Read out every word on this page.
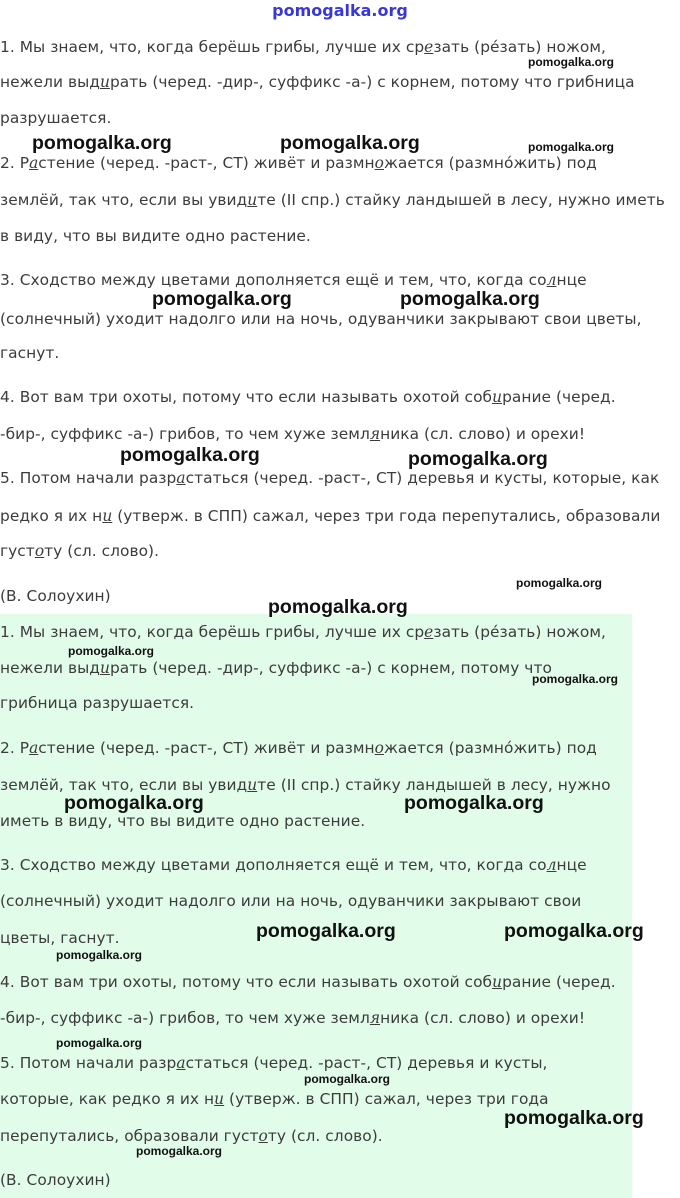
pomogalka.org

1. Мы знаем, что, когда берёшь грибы, лучше их срезать (ре́зать) ножом,

нежели выдирать (черед. -дир-, суффикс -а-) с корнем, потому что грибница

разрушается.

2. Растение (черед. -раст-, СТ) живёт и размножается (размно́жить) под

землёй, так что, если вы увидите (II спр.) стайку ландышей в лесу, нужно иметь

в виду, что вы видите одно растение.

3. Сходство между цветами дополняется ещё и тем, что, когда солнце

(солнечный) уходит надолго или на ночь, одуванчики закрывают свои цветы,

гаснут.

4. Вот вам три охоты, потому что если называть охотой собирание (черед.

-бир-, суффикс -а-) грибов, то чем хуже земляника (сл. слово) и орехи!

5. Потом начали разрастаться (черед. -раст-, СТ) деревья и кусты, которые, как

редко я их ни (утверж. в СПП) сажал, через три года перепутались, образовали

густоту (сл. слово).

(В. Солоухин)

1. Мы знаем, что, когда берёшь грибы, лучше их срезать (ре́зать) ножом,

нежели выдирать (черед. -дир-, суффикс -а-) с корнем, потому что

грибница разрушается.

2. Растение (черед. -раст-, СТ) живёт и размножается (размно́жить) под

землёй, так что, если вы увидите (II спр.) стайку ландышей в лесу, нужно

иметь в виду, что вы видите одно растение.

3. Сходство между цветами дополняется ещё и тем, что, когда солнце

(солнечный) уходит надолго или на ночь, одуванчики закрывают свои

цветы, гаснут.

4. Вот вам три охоты, потому что если называть охотой собирание (черед.

-бир-, суффикс -а-) грибов, то чем хуже земляника (сл. слово) и орехи!

5. Потом начали разрастаться (черед. -раст-, СТ) деревья и кусты,

которые, как редко я их ни (утверж. в СПП) сажал, через три года

перепутались, образовали густоту (сл. слово).

(В. Солоухин)

pomogalka.org
pomogalka.org	pomogalka.org	pomogalka.org
pomogalka.org	pomogalka.org
pomogalka.org	pomogalka.org
pomogalka.org
pomogalka.org
pomogalka.org
pomogalka.org
pomogalka.org	pomogalka.org
pomogalka.org	pomogalka.org
pomogalka.org
pomogalka.org
pomogalka.org
pomogalka.org
pomogalka.org
